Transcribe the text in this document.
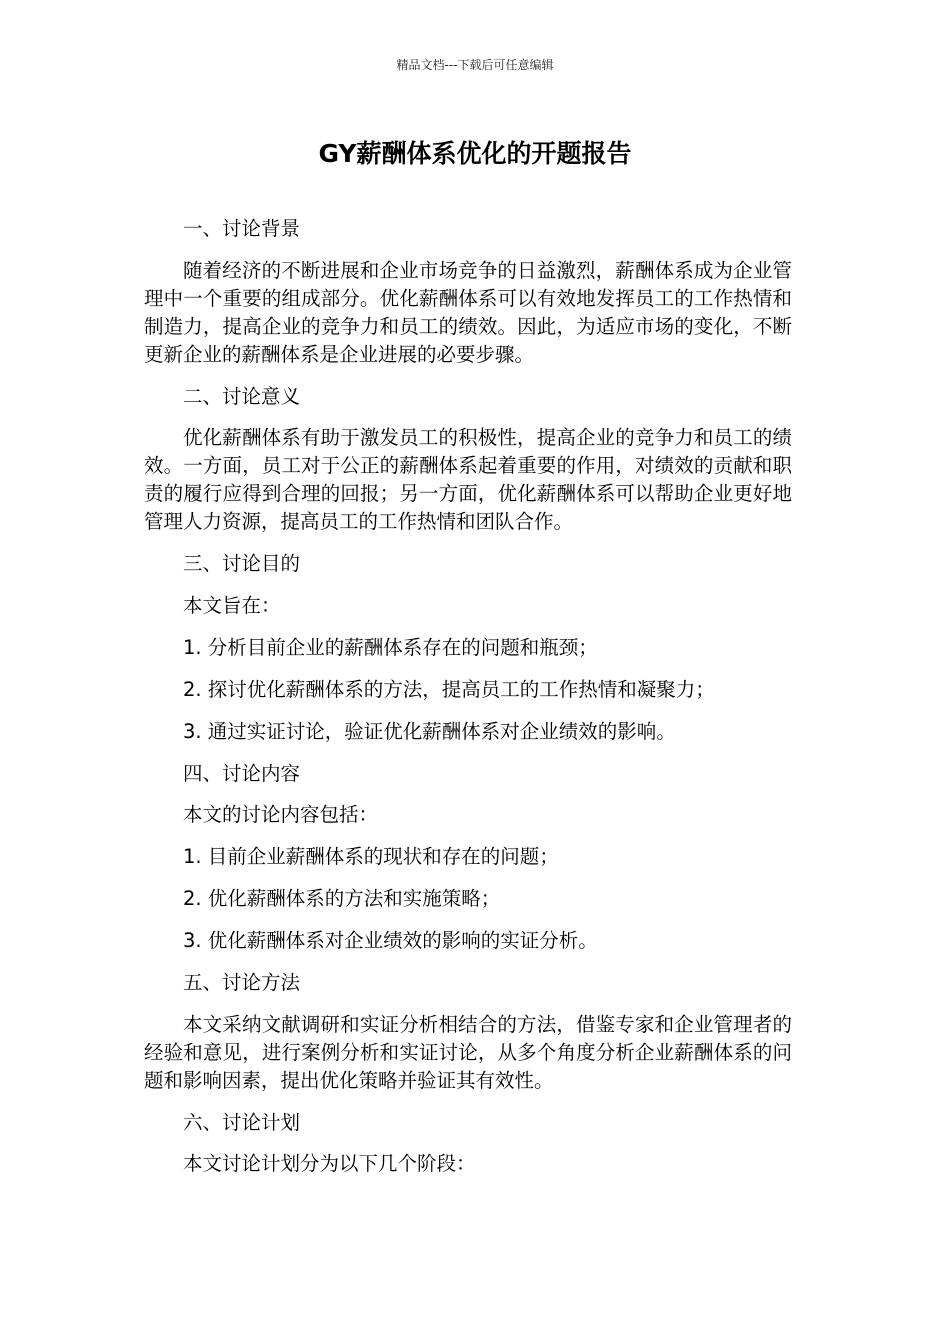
精品文档---下载后可任意编辑
GY薪酬体系优化的开题报告

一、讨论背景

随着经济的不断进展和企业市场竞争的日益激烈，薪酬体系成为企业管理中一个重要的组成部分。优化薪酬体系可以有效地发挥员工的工作热情和制造力，提高企业的竞争力和员工的绩效。因此，为适应市场的变化，不断更新企业的薪酬体系是企业进展的必要步骤。

二、讨论意义

优化薪酬体系有助于激发员工的积极性，提高企业的竞争力和员工的绩效。一方面，员工对于公正的薪酬体系起着重要的作用，对绩效的贡献和职责的履行应得到合理的回报；另一方面，优化薪酬体系可以帮助企业更好地管理人力资源，提高员工的工作热情和团队合作。

三、讨论目的

本文旨在：

1. 分析目前企业的薪酬体系存在的问题和瓶颈；

2. 探讨优化薪酬体系的方法，提高员工的工作热情和凝聚力；

3. 通过实证讨论，验证优化薪酬体系对企业绩效的影响。

四、讨论内容

本文的讨论内容包括：

1. 目前企业薪酬体系的现状和存在的问题；

2. 优化薪酬体系的方法和实施策略；

3. 优化薪酬体系对企业绩效的影响的实证分析。

五、讨论方法

本文采纳文献调研和实证分析相结合的方法，借鉴专家和企业管理者的经验和意见，进行案例分析和实证讨论，从多个角度分析企业薪酬体系的问题和影响因素，提出优化策略并验证其有效性。

六、讨论计划

本文讨论计划分为以下几个阶段：
